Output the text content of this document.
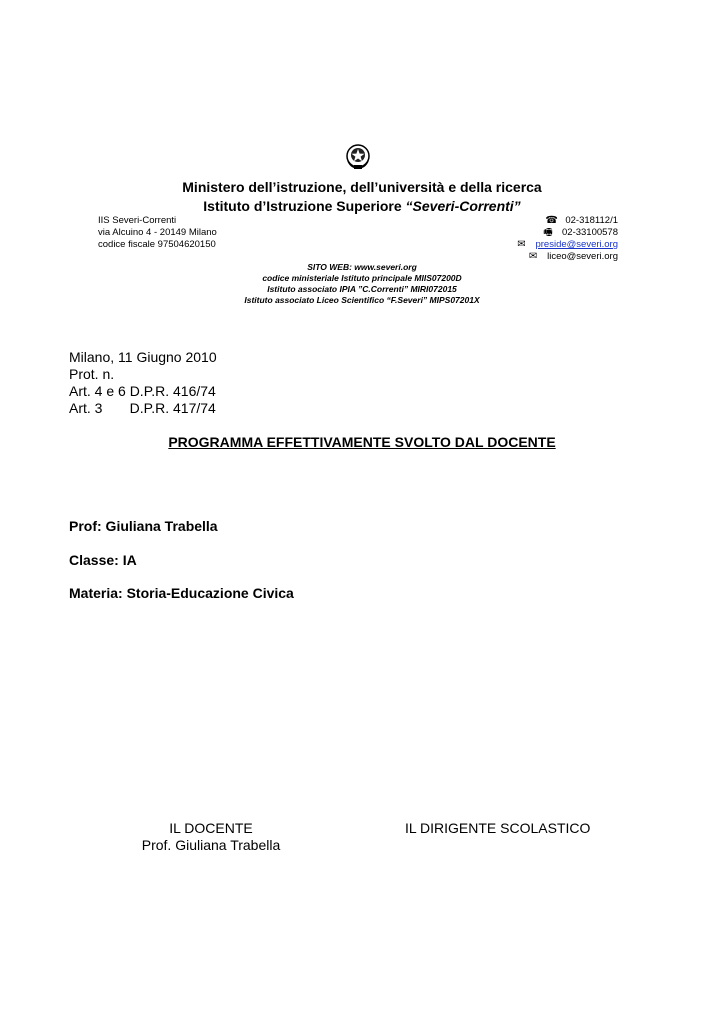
Ministero dell’istruzione, dell’università e della ricerca
Istituto d’Istruzione Superiore “Severi-Correnti”
IIS Severi-Correnti
via Alcuino 4 - 20149 Milano
codice fiscale 97504620150
☎ 02-318112/1
🖷 02-33100578
✉ preside@severi.org
✉ liceo@severi.org
SITO WEB: www.severi.org
codice ministeriale Istituto principale MIIS07200D
Istituto associato IPIA ”C.Correnti” MIRI072015
Istituto associato Liceo Scientifico “F.Severi” MIPS07201X
Milano, 11 Giugno 2010
Prot. n.
Art. 4 e 6 D.P.R. 416/74
Art. 3       D.P.R. 417/74
PROGRAMMA EFFETTIVAMENTE SVOLTO DAL DOCENTE
Prof: Giuliana Trabella
Classe: IA
Materia: Storia-Educazione Civica
IL DOCENTE
Prof. Giuliana Trabella
IL DIRIGENTE SCOLASTICO
